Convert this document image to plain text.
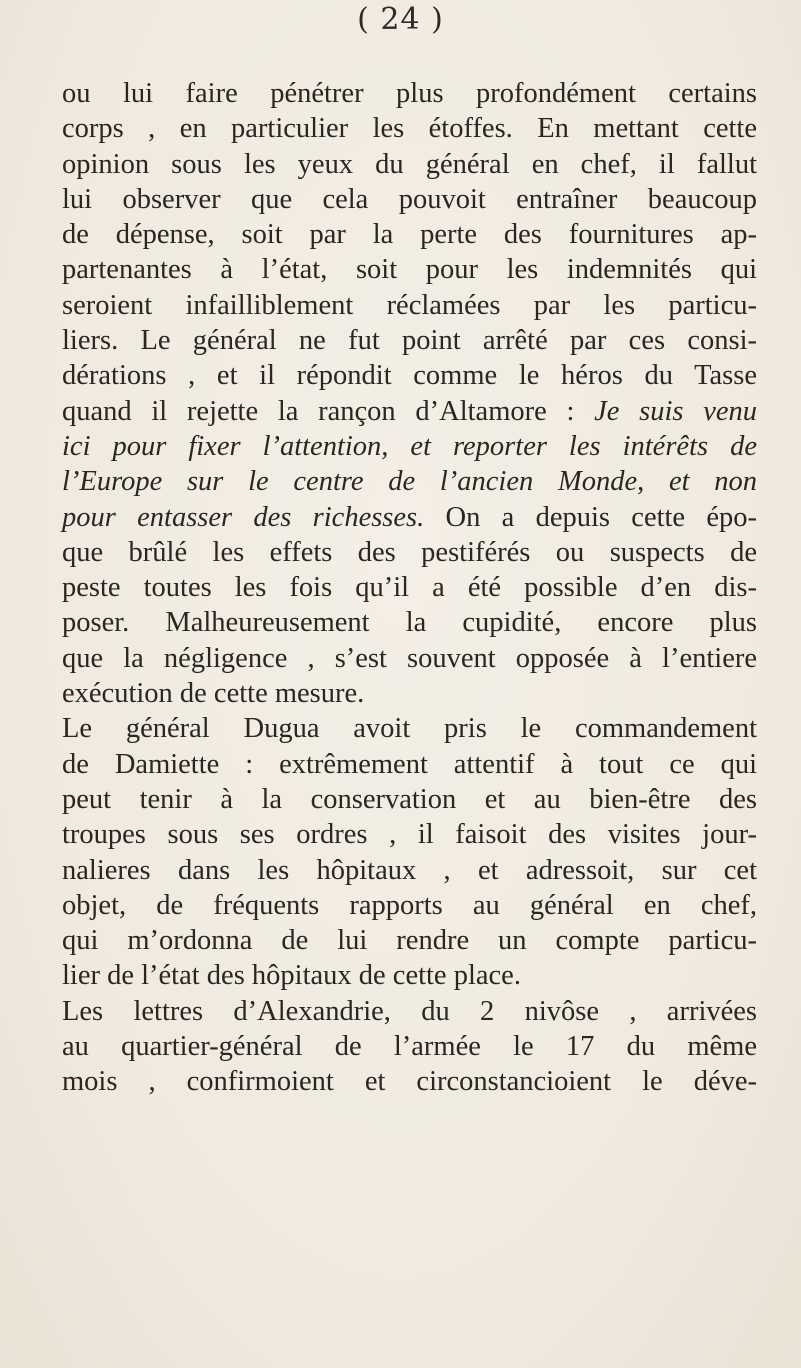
( 24 )
ou lui faire pénétrer plus profondément certains
corps , en particulier les étoffes. En mettant cette
opinion sous les yeux du général en chef, il fallut
lui observer que cela pouvoit entraîner beaucoup
de dépense, soit par la perte des fournitures ap-
partenantes à l’état, soit pour les indemnités qui
seroient infailliblement réclamées par les particu-
liers. Le général ne fut point arrêté par ces consi-
dérations , et il répondit comme le héros du Tasse
quand il rejette la rançon d’Altamore : Je suis venu
ici pour fixer l’attention, et reporter les intérêts de
l’Europe sur le centre de l’ancien Monde, et non
pour entasser des richesses. On a depuis cette épo-
que brûlé les effets des pestiférés ou suspects de
peste toutes les fois qu’il a été possible d’en dis-
poser. Malheureusement la cupidité, encore plus
que la négligence , s’est souvent opposée à l’entiere
exécution de cette mesure.
Le général Dugua avoit pris le commandement
de Damiette : extrêmement attentif à tout ce qui
peut tenir à la conservation et au bien-être des
troupes sous ses ordres , il faisoit des visites jour-
nalieres dans les hôpitaux , et adressoit, sur cet
objet, de fréquents rapports au général en chef,
qui m’ordonna de lui rendre un compte particu-
lier de l’état des hôpitaux de cette place.
Les lettres d’Alexandrie, du 2 nivôse , arrivées
au quartier-général de l’armée le 17 du même
mois , confirmoient et circonstancioient le déve-
